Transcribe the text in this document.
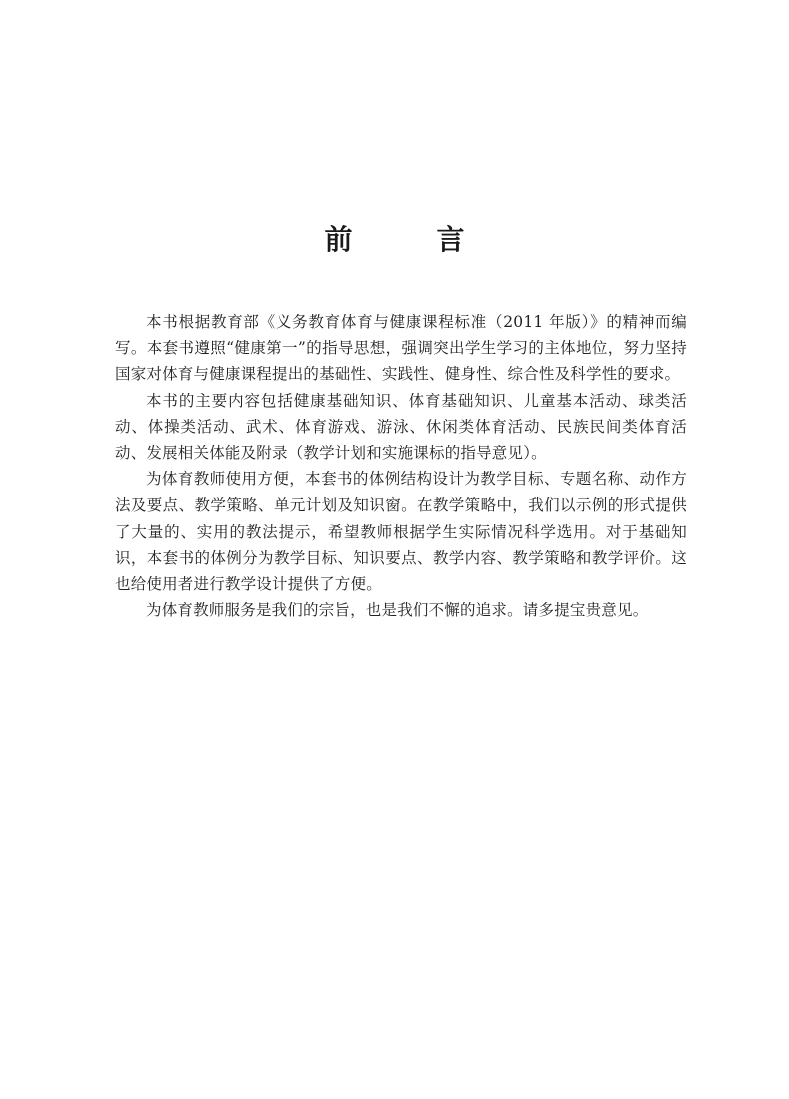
前　言

本书根据教育部《义务教育体育与健康课程标准（2011 年版）》的精神而编写。本套书遵照“健康第一”的指导思想，强调突出学生学习的主体地位，努力坚持国家对体育与健康课程提出的基础性、实践性、健身性、综合性及科学性的要求。

本书的主要内容包括健康基础知识、体育基础知识、儿童基本活动、球类活动、体操类活动、武术、体育游戏、游泳、休闲类体育活动、民族民间类体育活动、发展相关体能及附录（教学计划和实施课标的指导意见）。

为体育教师使用方便，本套书的体例结构设计为教学目标、专题名称、动作方法及要点、教学策略、单元计划及知识窗。在教学策略中，我们以示例的形式提供了大量的、实用的教法提示，希望教师根据学生实际情况科学选用。对于基础知识，本套书的体例分为教学目标、知识要点、教学内容、教学策略和教学评价。这也给使用者进行教学设计提供了方便。

为体育教师服务是我们的宗旨，也是我们不懈的追求。请多提宝贵意见。
